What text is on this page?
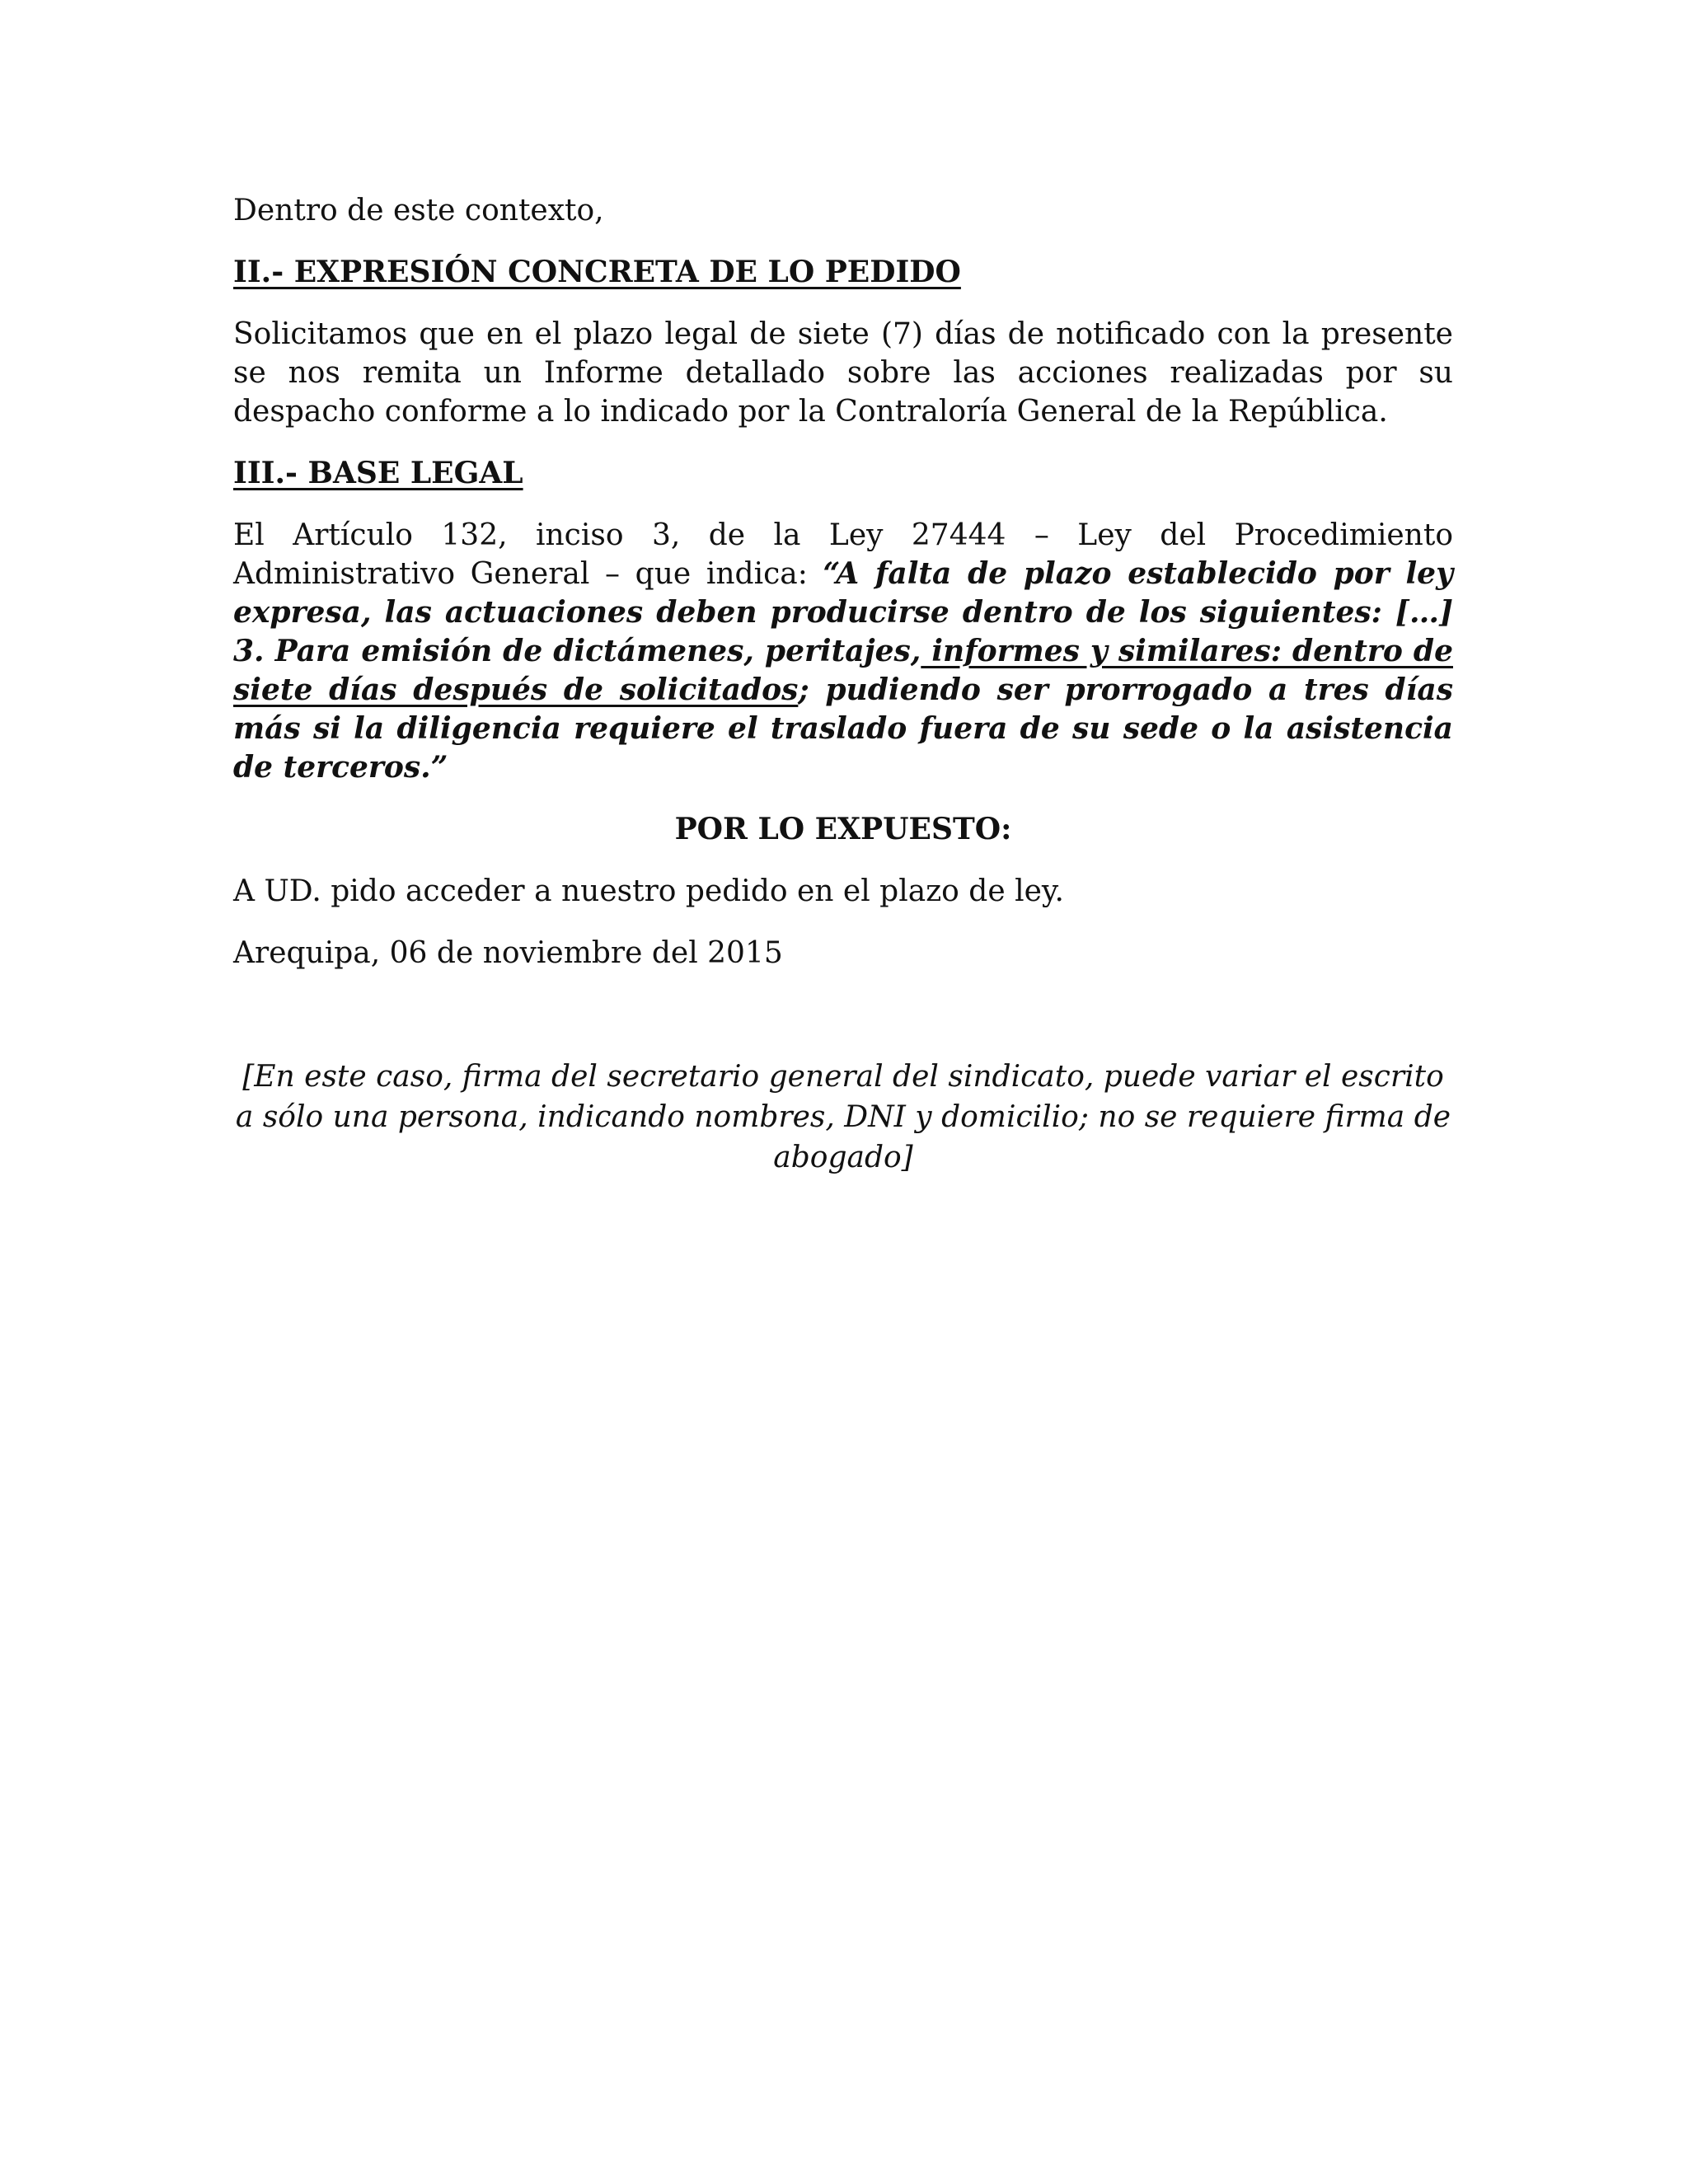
Dentro de este contexto,

II.- EXPRESIÓN CONCRETA DE LO PEDIDO

Solicitamos que en el plazo legal de siete (7) días de notificado con la presente se nos remita un Informe detallado sobre las acciones realizadas por su despacho conforme a lo indicado por la Contraloría General de la República.

III.- BASE LEGAL

El Artículo 132, inciso 3, de la Ley 27444 – Ley del Procedimiento Administrativo General – que indica: “A falta de plazo establecido por ley expresa, las actuaciones deben producirse dentro de los siguientes: […] 3. Para emisión de dictámenes, peritajes, informes y similares: dentro de siete días después de solicitados; pudiendo ser prorrogado a tres días más si la diligencia requiere el traslado fuera de su sede o la asistencia de terceros.”

POR LO EXPUESTO:

A UD. pido acceder a nuestro pedido en el plazo de ley.

Arequipa, 06 de noviembre del 2015

[En este caso, firma del secretario general del sindicato, puede variar el escrito a sólo una persona, indicando nombres, DNI y domicilio; no se requiere firma de abogado]
